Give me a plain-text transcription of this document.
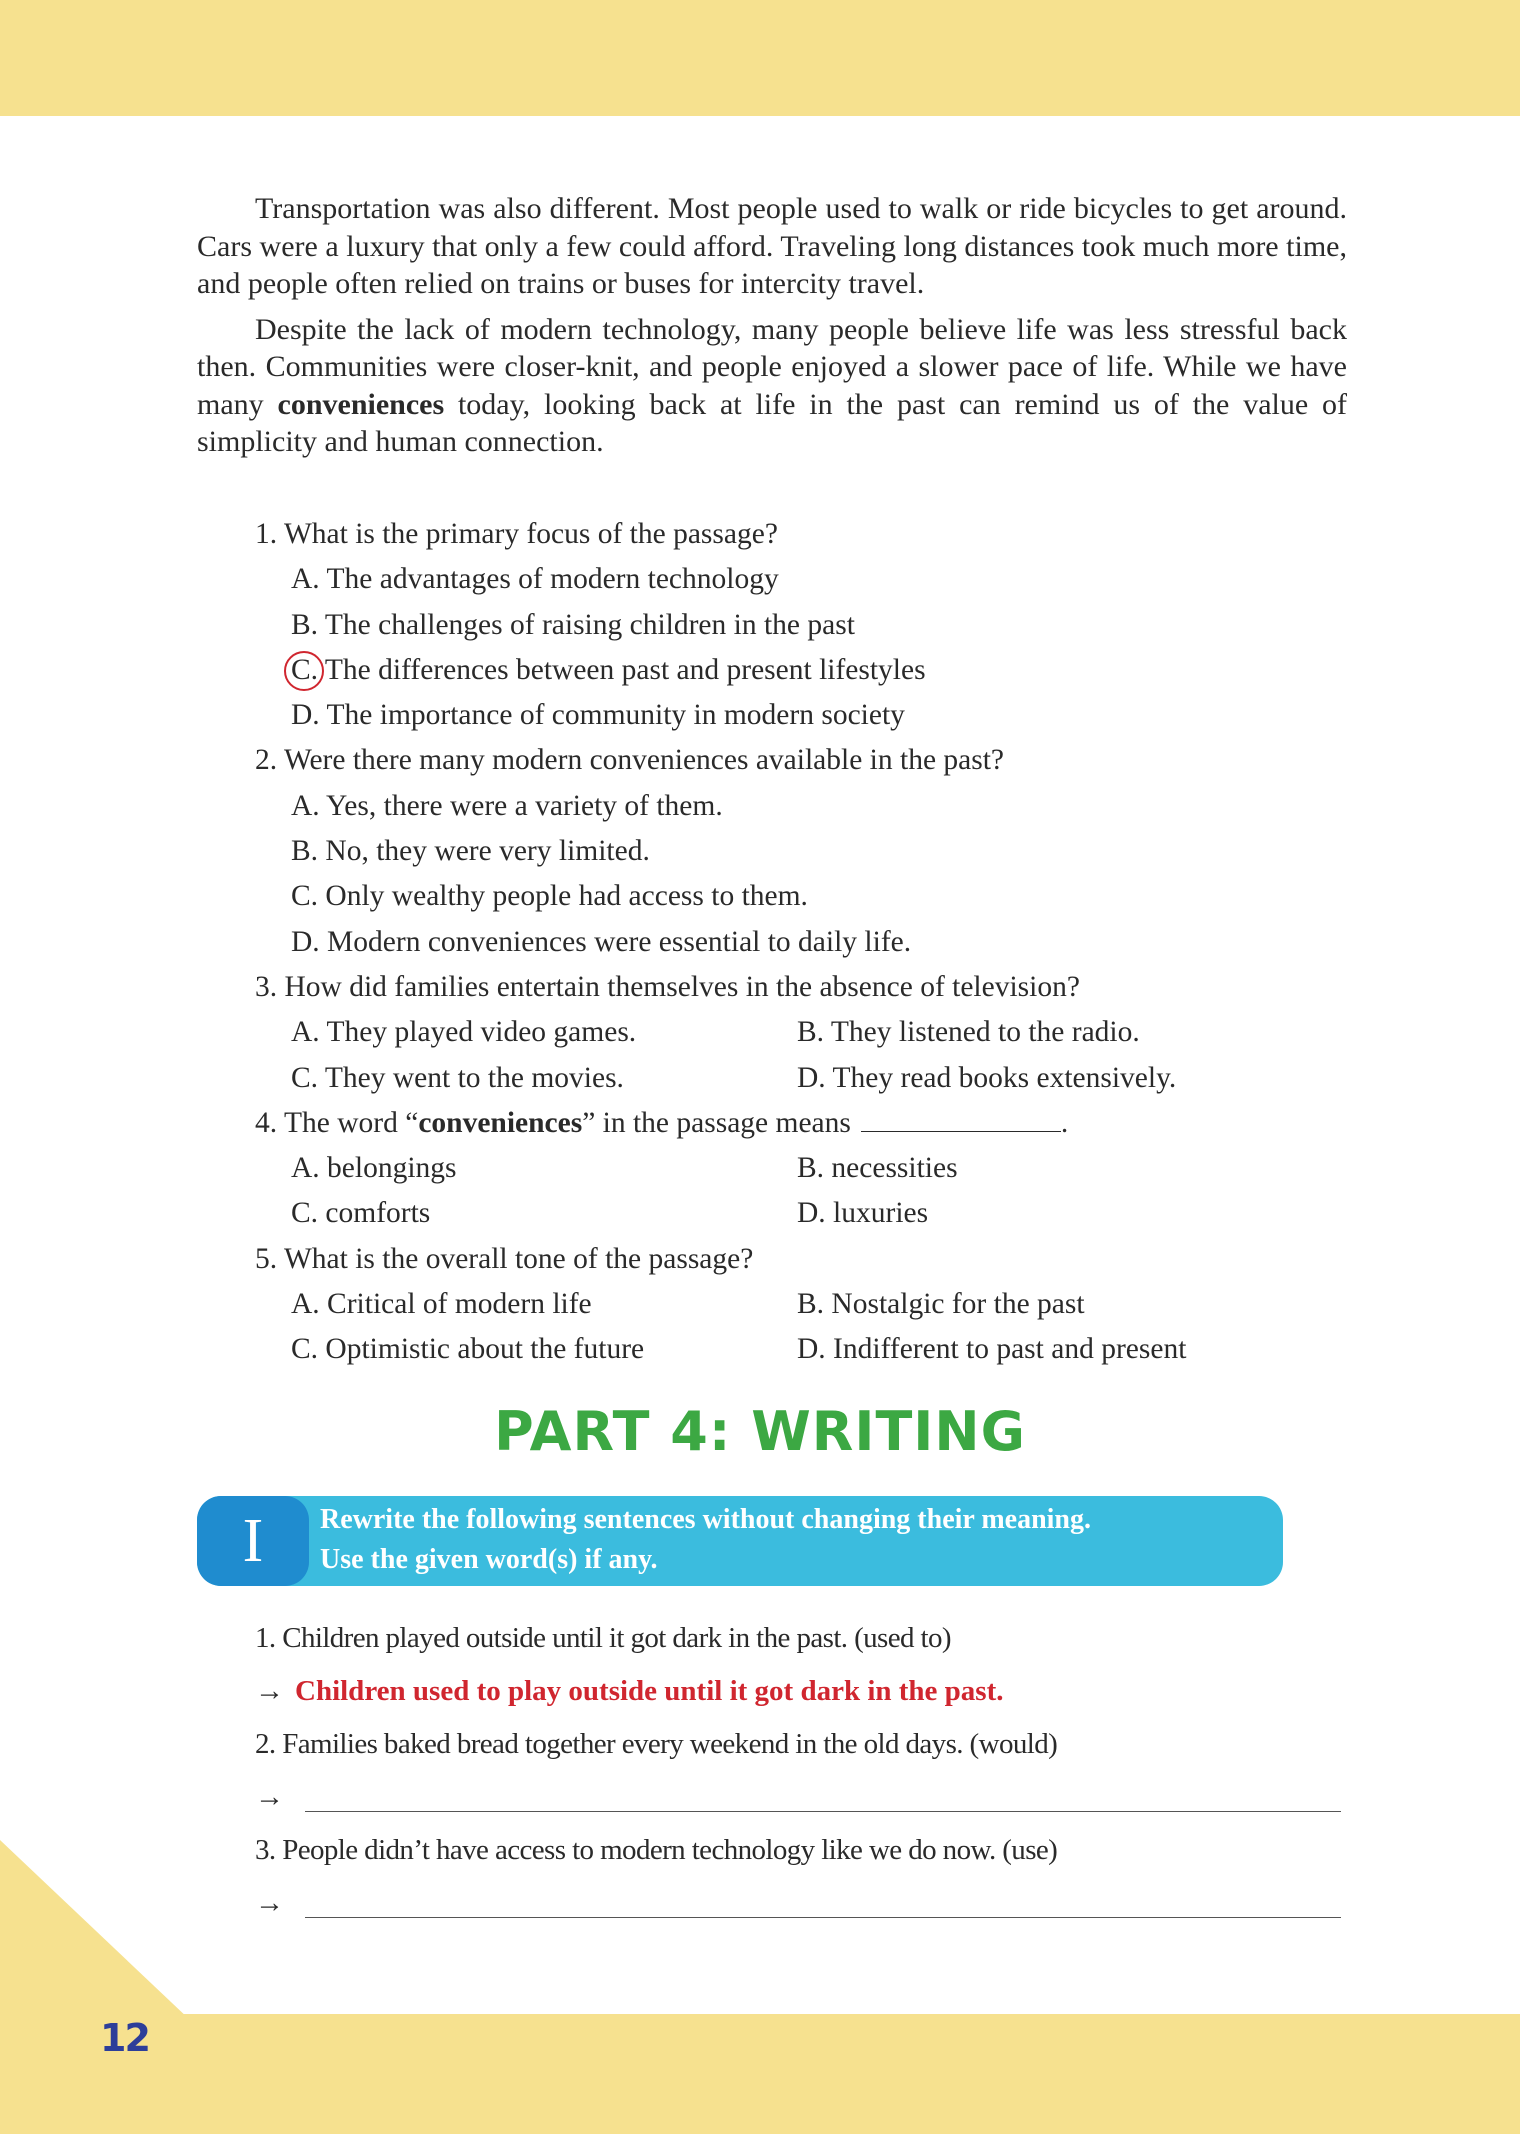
12

Transportation was also different. Most people used to walk or ride bicycles to get around. Cars were a luxury that only a few could afford. Traveling long distances took much more time, and people often relied on trains or buses for intercity travel.

Despite the lack of modern technology, many people believe life was less stressful back then. Communities were closer-knit, and people enjoyed a slower pace of life. While we have many conveniences today, looking back at life in the past can remind us of the value of simplicity and human connection.

1. What is the primary focus of the passage?
A. The advantages of modern technology
B. The challenges of raising children in the past
C. The differences between past and present lifestyles
D. The importance of community in modern society
2. Were there many modern conveniences available in the past?
A. Yes, there were a variety of them.
B. No, they were very limited.
C. Only wealthy people had access to them.
D. Modern conveniences were essential to daily life.
3. How did families entertain themselves in the absence of television?
A. They played video games.	B. They listened to the radio.
C. They went to the movies.	D. They read books extensively.
4. The word “conveniences” in the passage means	.
A. belongings	B. necessities
C. comforts	D. luxuries
5. What is the overall tone of the passage?
A. Critical of modern life	B. Nostalgic for the past
C. Optimistic about the future	D. Indifferent to past and present
PART 4: WRITING
I	Rewrite the following sentences without changing their meaning.
Use the given word(s) if any.
1. Children played outside until it got dark in the past. (used to)
→ Children used to play outside until it got dark in the past.
2. Families baked bread together every weekend in the old days. (would)
→
3. People didn’t have access to modern technology like we do now. (use)
→
